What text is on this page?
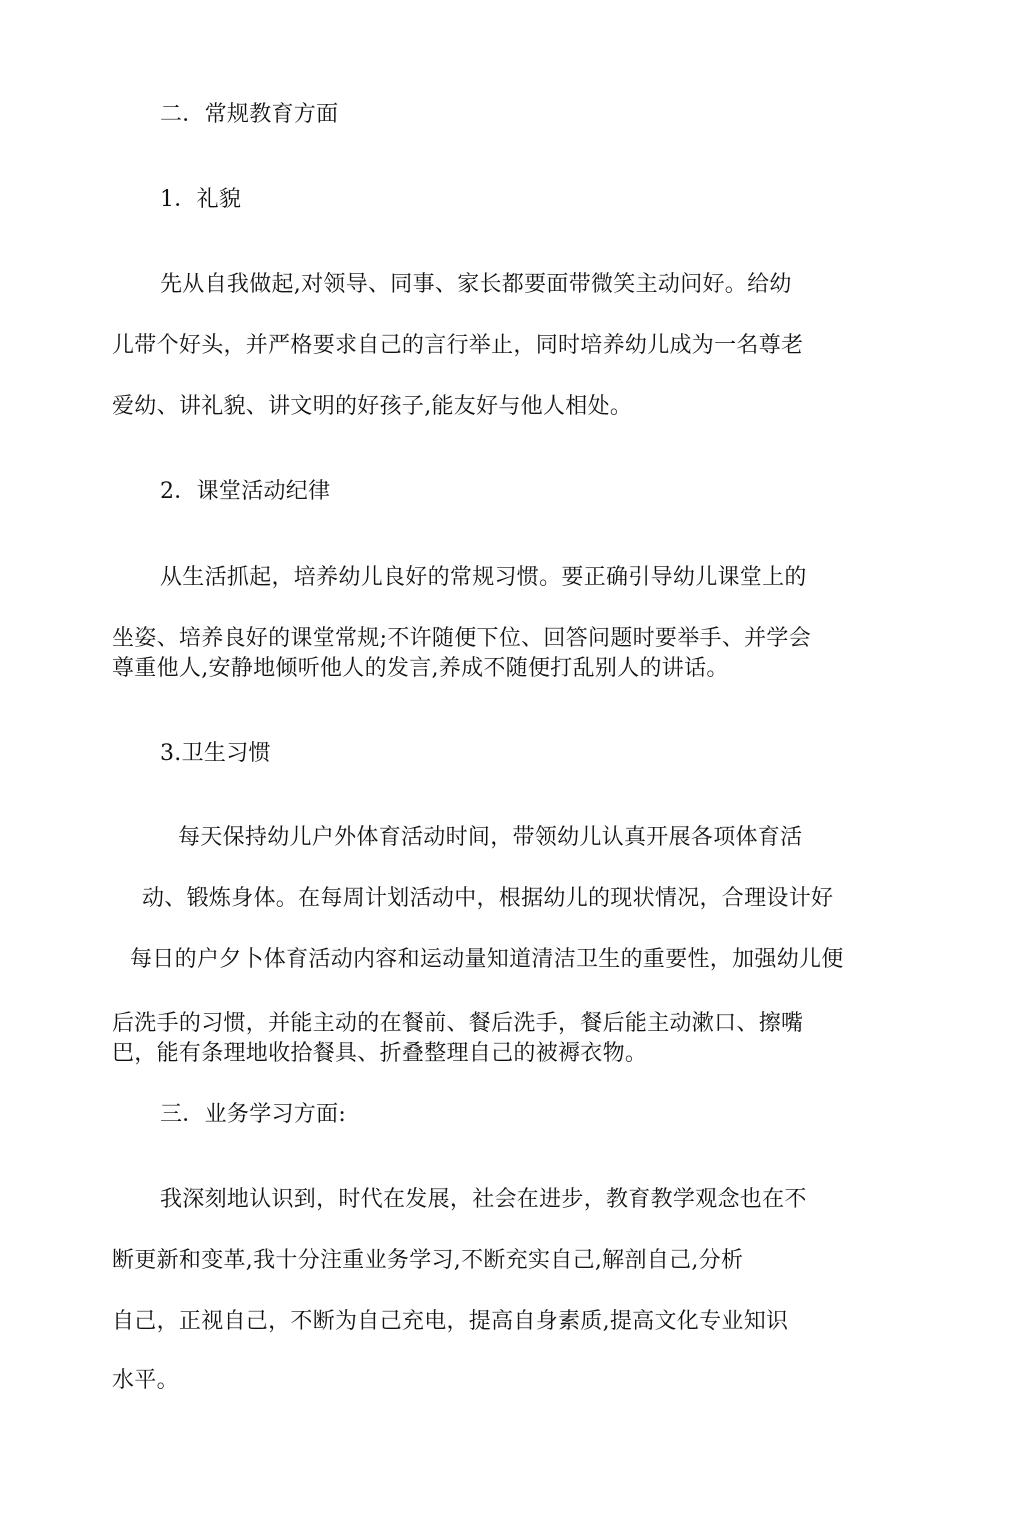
二．常规教育方面
1．礼貌
先从自我做起,对领导、同事、家长都要面带微笑主动问好。给幼
儿带个好头，并严格要求自己的言行举止，同时培养幼儿成为一名尊老
爱幼、讲礼貌、讲文明的好孩子,能友好与他人相处。
2．课堂活动纪律
从生活抓起，培养幼儿良好的常规习惯。要正确引导幼儿课堂上的
坐姿、培养良好的课堂常规;不许随便下位、回答问题时要举手、并学会
尊重他人,安静地倾听他人的发言,养成不随便打乱别人的讲话。
3.卫生习惯
每天保持幼儿户外体育活动时间，带领幼儿认真开展各项体育活
动、锻炼身体。在每周计划活动中，根据幼儿的现状情况，合理设计好
每日的户夕卜体育活动内容和运动量知道清洁卫生的重要性，加强幼儿便
后洗手的习惯，并能主动的在餐前、餐后洗手，餐后能主动漱口、擦嘴
巴，能有条理地收拾餐具、折叠整理自己的被褥衣物。
三．业务学习方面:
我深刻地认识到，时代在发展，社会在进步，教育教学观念也在不
断更新和变革,我十分注重业务学习,不断充实自己,解剖自己,分析
自己，正视自己，不断为自己充电，提高自身素质,提高文化专业知识
水平。
